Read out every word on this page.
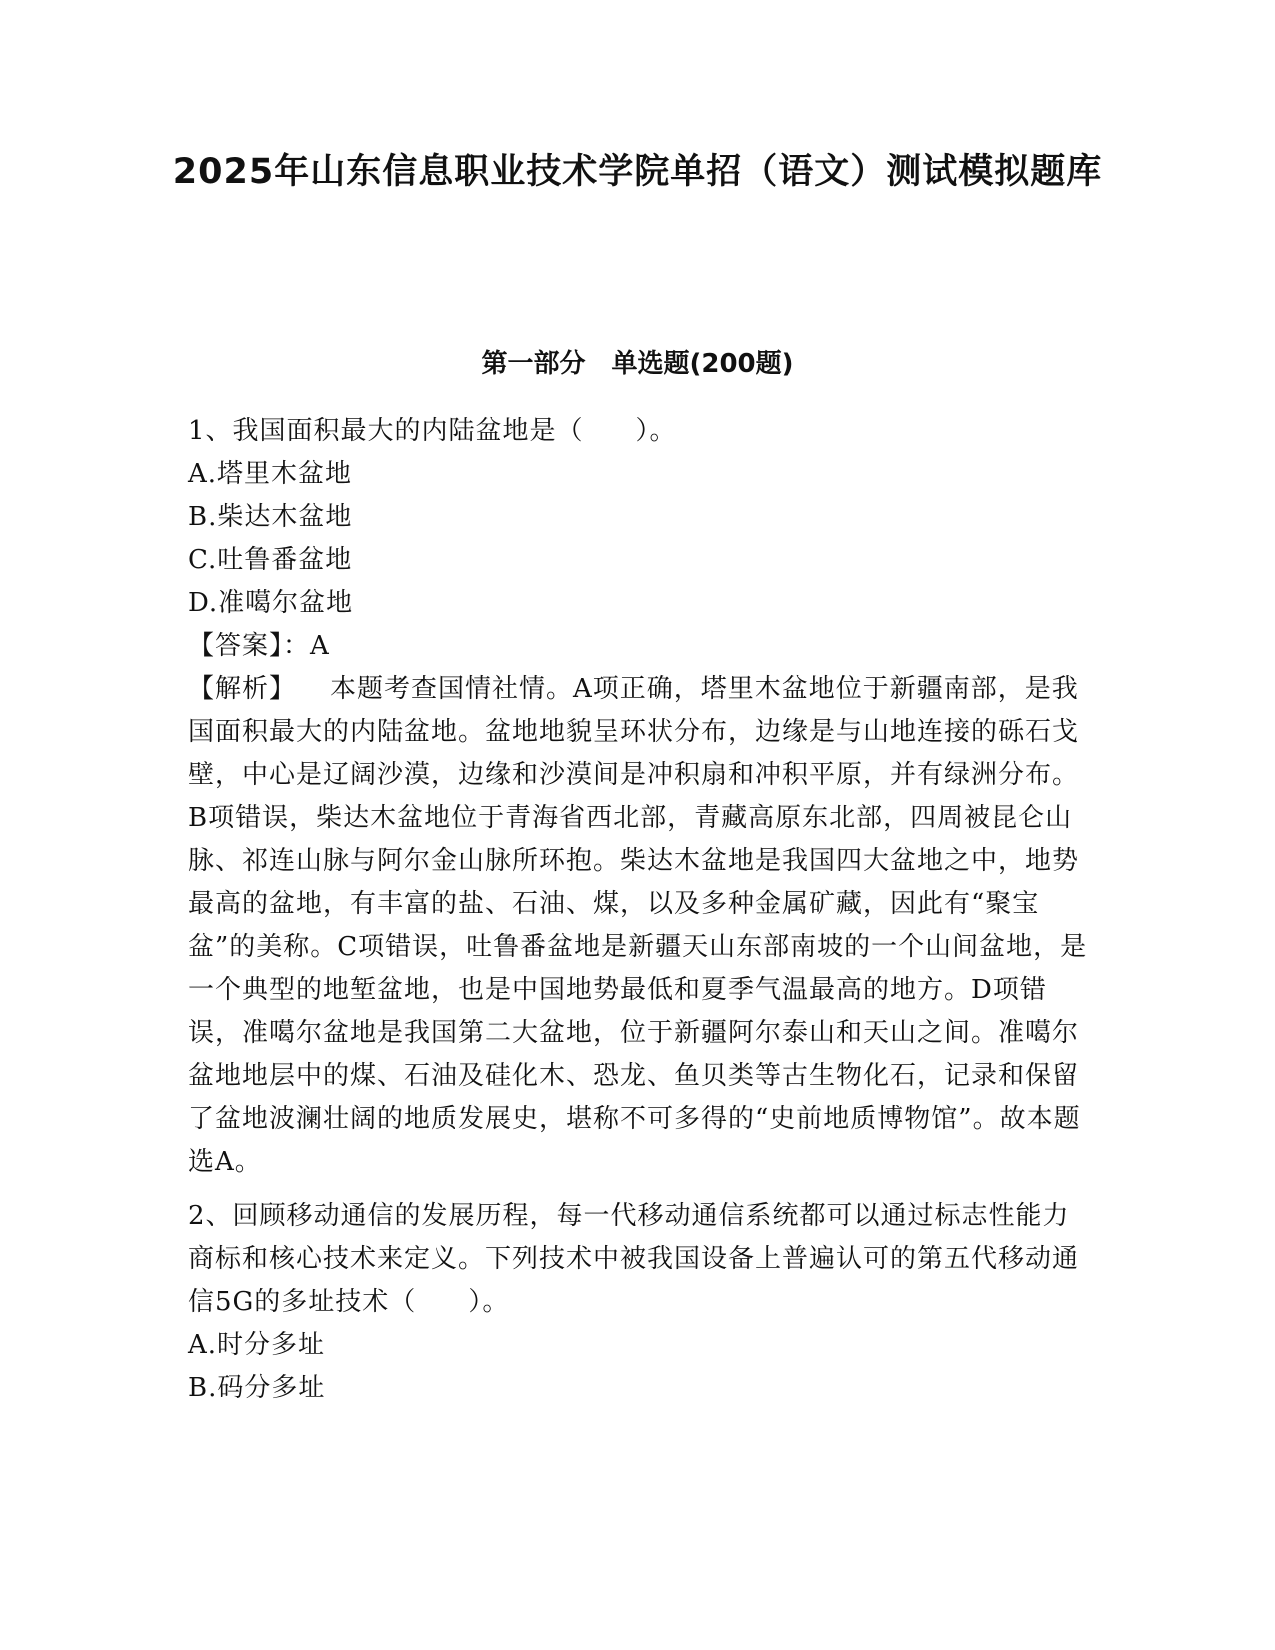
2025年山东信息职业技术学院单招（语文）测试模拟题库
第一部分　单选题(200题)

1、我国面积最大的内陆盆地是（ ）。

A.塔里木盆地

B.柴达木盆地

C.吐鲁番盆地

D.准噶尔盆地

【答案】：A

【解析】 本题考查国情社情。A项正确，塔里木盆地位于新疆南部，是我国面积最大的内陆盆地。盆地地貌呈环状分布，边缘是与山地连接的砾石戈壁，中心是辽阔沙漠，边缘和沙漠间是冲积扇和冲积平原，并有绿洲分布。B项错误，柴达木盆地位于青海省西北部，青藏高原东北部，四周被昆仑山脉、祁连山脉与阿尔金山脉所环抱。柴达木盆地是我国四大盆地之中，地势最高的盆地，有丰富的盐、石油、煤，以及多种金属矿藏，因此有“聚宝盆”的美称。C项错误，吐鲁番盆地是新疆天山东部南坡的一个山间盆地，是一个典型的地堑盆地，也是中国地势最低和夏季气温最高的地方。D项错误，准噶尔盆地是我国第二大盆地，位于新疆阿尔泰山和天山之间。准噶尔盆地地层中的煤、石油及硅化木、恐龙、鱼贝类等古生物化石，记录和保留了盆地波澜壮阔的地质发展史，堪称不可多得的“史前地质博物馆”。故本题选A。

2、回顾移动通信的发展历程，每一代移动通信系统都可以通过标志性能力商标和核心技术来定义。下列技术中被我国设备上普遍认可的第五代移动通信5G的多址技术（ ）。

A.时分多址

B.码分多址
